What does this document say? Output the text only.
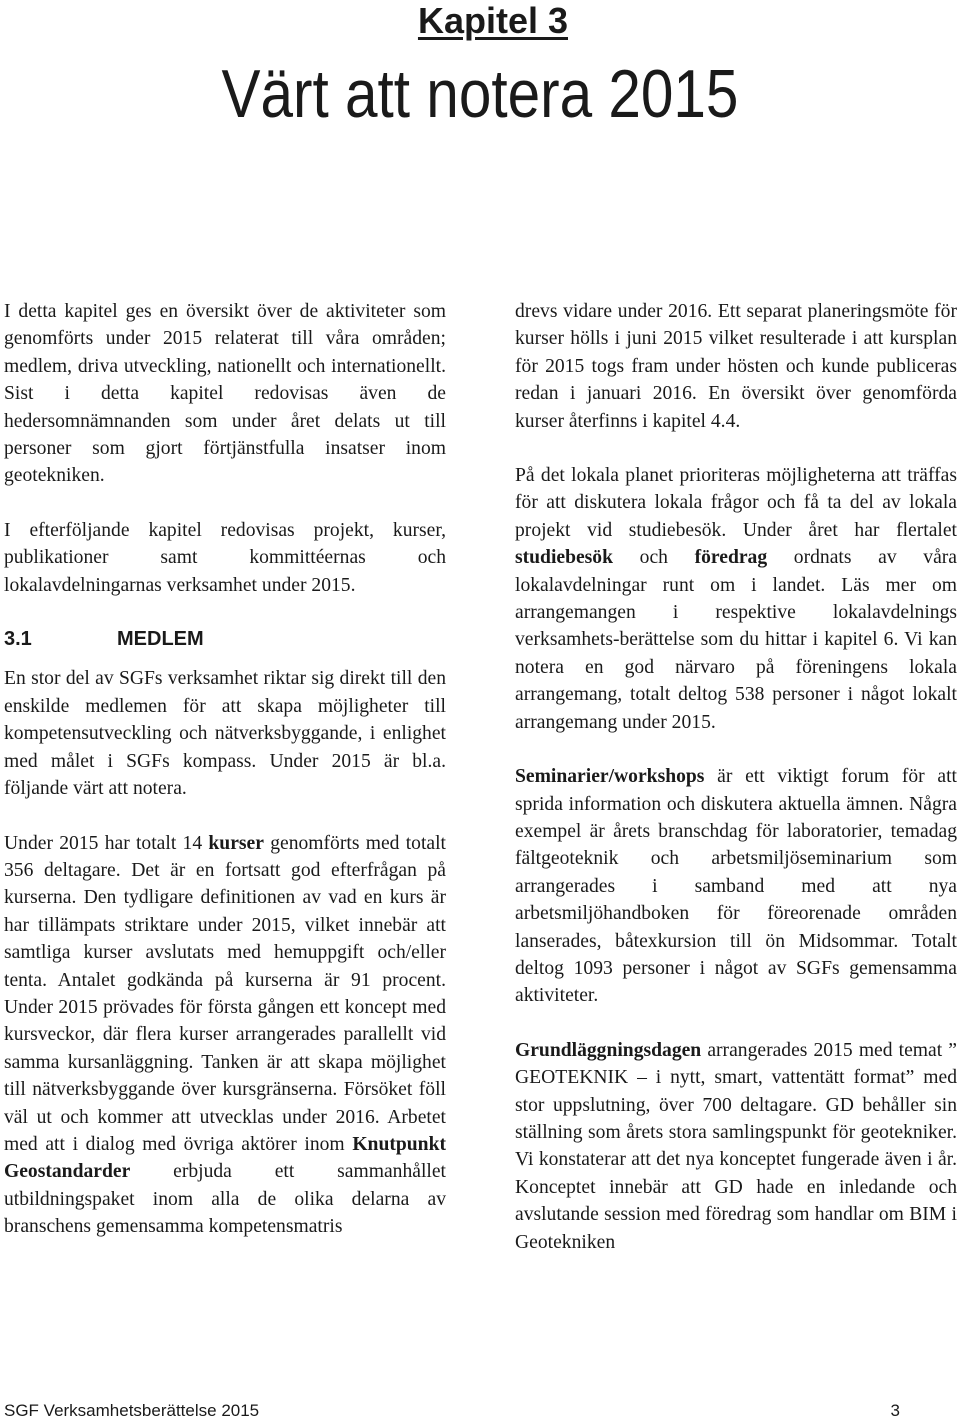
Kapitel 3
Värt att notera 2015

I detta kapitel ges en översikt över de aktiviteter som genomförts under 2015 relaterat till våra områden; medlem, driva utveckling, nationellt och internationellt. Sist i detta kapitel redovisas även de hedersomnämnanden som under året delats ut till personer som gjort förtjänstfulla insatser inom geotekniken.

I efterföljande kapitel redovisas projekt, kurser, publikationer samt kommittéernas och lokalavdelningarnas verksamhet under 2015.

3.1	MEDLEM

En stor del av SGFs verksamhet riktar sig direkt till den enskilde medlemen för att skapa möjligheter till kompetensutveckling och nätverksbyggande, i enlighet med målet i SGFs kompass. Under 2015 är bl.a. följande värt att notera.

Under 2015 har totalt 14 kurser genomförts med totalt 356 deltagare. Det är en fortsatt god efterfrågan på kurserna. Den tydligare definitionen av vad en kurs är har tillämpats striktare under 2015, vilket innebär att samtliga kurser avslutats med hemuppgift och/eller tenta. Antalet godkända på kurserna är 91 procent. Under 2015 prövades för första gången ett koncept med kursveckor, där flera kurser arrangerades parallellt vid samma kursanläggning. Tanken är att skapa möjlighet till nätverksbyggande över kursgränserna. Försöket föll väl ut och kommer att utvecklas under 2016. Arbetet med att i dialog med övriga aktörer inom Knutpunkt Geostandarder erbjuda ett sammanhållet utbildningspaket inom alla de olika delarna av branschens gemensamma kompetensmatris

drevs vidare under 2016. Ett separat planeringsmöte för kurser hölls i juni 2015 vilket resulterade i att kursplan för 2015 togs fram under hösten och kunde publiceras redan i januari 2016. En översikt över genomförda kurser återfinns i kapitel 4.4.

På det lokala planet prioriteras möjligheterna att träffas för att diskutera lokala frågor och få ta del av lokala projekt vid studiebesök. Under året har flertalet studiebesök och föredrag ordnats av våra lokalavdelningar runt om i landet. Läs mer om arrangemangen i respektive lokalavdelnings verksamhets-berättelse som du hittar i kapitel 6. Vi kan notera en god närvaro på föreningens lokala arrangemang, totalt deltog 538 personer i något lokalt arrangemang under 2015.

Seminarier/workshops är ett viktigt forum för att sprida information och diskutera aktuella ämnen. Några exempel är årets branschdag för laboratorier, temadag fältgeoteknik och arbetsmiljöseminarium som arrangerades i samband med att nya arbetsmiljöhandboken för föreorenade områden lanserades, båtexkursion till ön Midsommar. Totalt deltog 1093 personer i något av SGFs gemensamma aktiviteter.

Grundläggningsdagen arrangerades 2015 med temat ” GEOTEKNIK – i nytt, smart, vattentätt format” med stor uppslutning, över 700 deltagare. GD behåller sin ställning som årets stora samlingspunkt för geotekniker. Vi konstaterar att det nya konceptet fungerade även i år. Konceptet innebär att GD hade en inledande och avslutande session med föredrag som handlar om BIM i Geotekniken

SGF Verksamhetsberättelse 2015	3
